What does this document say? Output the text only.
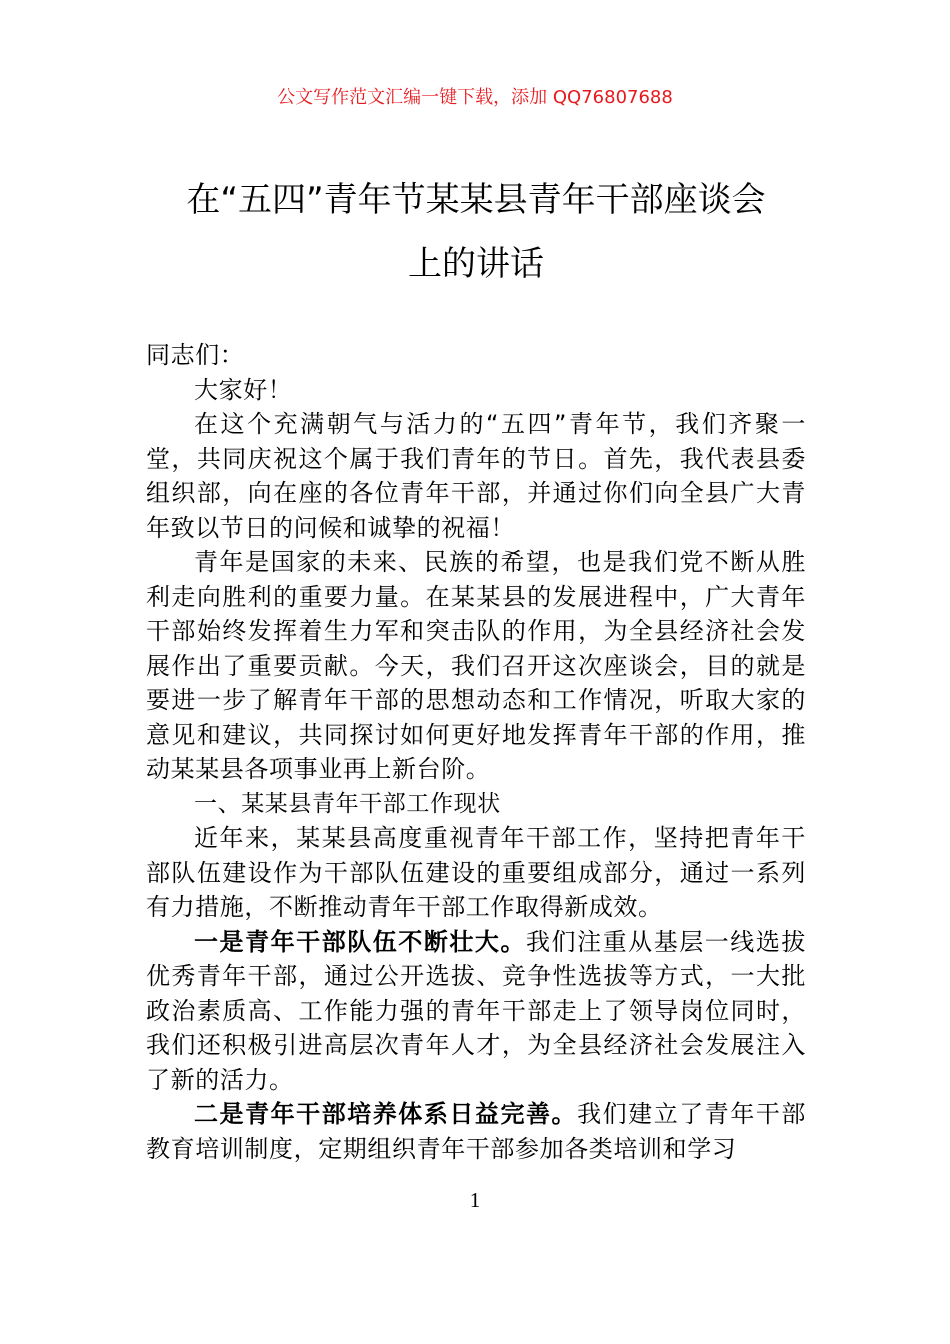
公文写作范文汇编一键下载，添加 QQ76807688
在“五四”青年节某某县青年干部座谈会
上的讲话

同志们：

大家好！

在这个充满朝气与活力的“五四”青年节，我们齐聚一堂，共同庆祝这个属于我们青年的节日。首先，我代表县委组织部，向在座的各位青年干部，并通过你们向全县广大青年致以节日的问候和诚挚的祝福！

青年是国家的未来、民族的希望，也是我们党不断从胜利走向胜利的重要力量。在某某县的发展进程中，广大青年干部始终发挥着生力军和突击队的作用，为全县经济社会发展作出了重要贡献。今天，我们召开这次座谈会，目的就是要进一步了解青年干部的思想动态和工作情况，听取大家的意见和建议，共同探讨如何更好地发挥青年干部的作用，推动某某县各项事业再上新台阶。

一、某某县青年干部工作现状

近年来，某某县高度重视青年干部工作，坚持把青年干部队伍建设作为干部队伍建设的重要组成部分，通过一系列有力措施，不断推动青年干部工作取得新成效。

一是青年干部队伍不断壮大。我们注重从基层一线选拔优秀青年干部，通过公开选拔、竞争性选拔等方式，一大批政治素质高、工作能力强的青年干部走上了领导岗位同时，我们还积极引进高层次青年人才，为全县经济社会发展注入了新的活力。

二是青年干部培养体系日益完善。我们建立了青年干部教育培训制度，定期组织青年干部参加各类培训和学习

1
